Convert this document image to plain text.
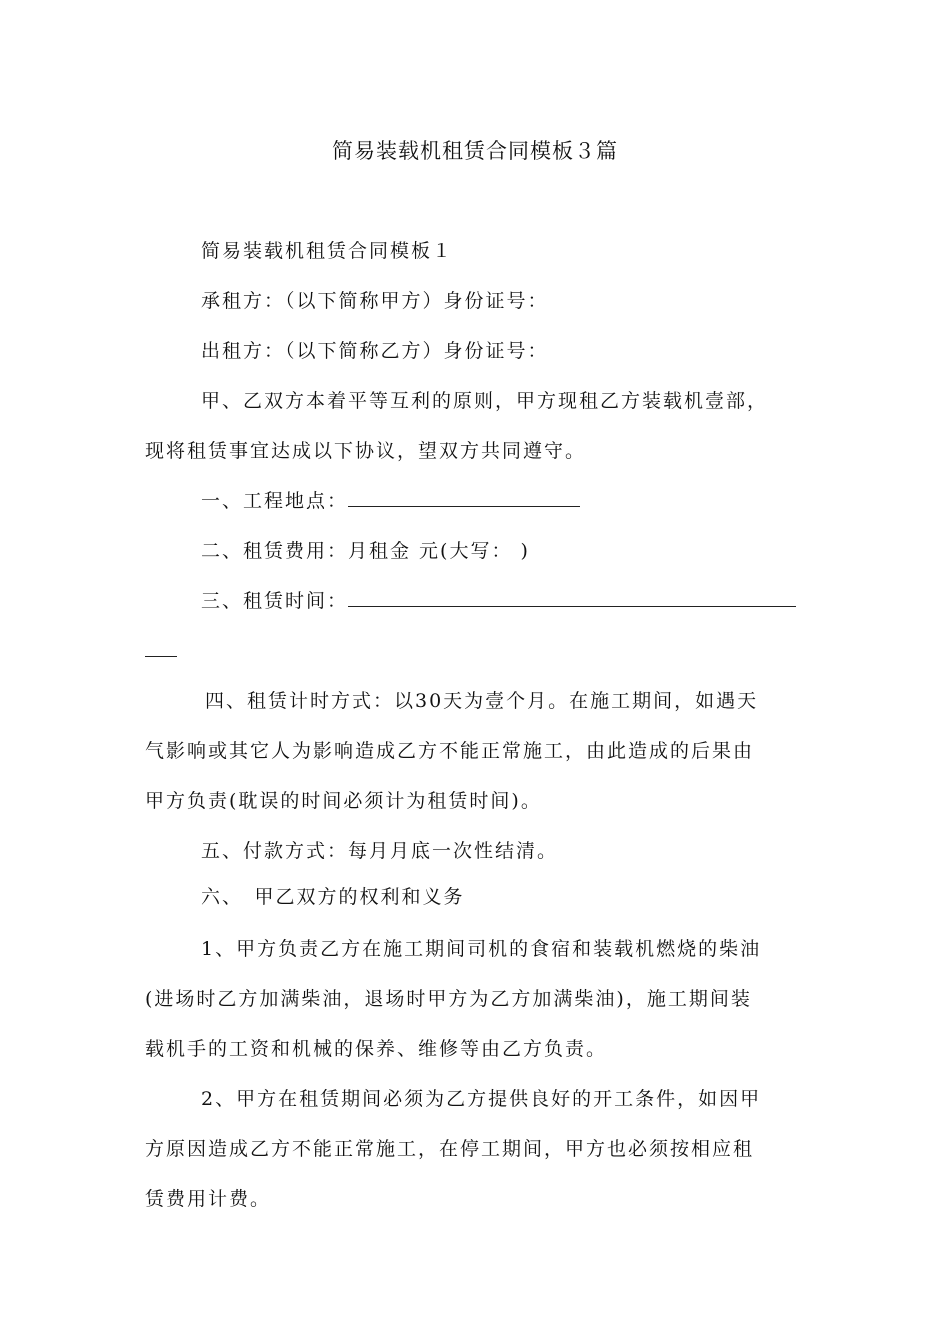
简易装载机租赁合同模板３篇
简易装载机租赁合同模板１
承租方：（以下简称甲方）身份证号：
出租方：（以下简称乙方）身份证号：
甲、乙双方本着平等互利的原则，甲方现租乙方装载机壹部，
现将租赁事宜达成以下协议，望双方共同遵守。
一、工程地点：
二、租赁费用：月租金 元(大写： )
三、租赁时间：
四、租赁计时方式：以30天为壹个月。在施工期间，如遇天
气影响或其它人为影响造成乙方不能正常施工，由此造成的后果由
甲方负责(耽误的时间必须计为租赁时间)。
五、付款方式：每月月底一次性结清。
六、　甲乙双方的权利和义务
1、甲方负责乙方在施工期间司机的食宿和装载机燃烧的柴油
(进场时乙方加满柴油，退场时甲方为乙方加满柴油)，施工期间装
载机手的工资和机械的保养、维修等由乙方负责。
2、甲方在租赁期间必须为乙方提供良好的开工条件，如因甲
方原因造成乙方不能正常施工，在停工期间，甲方也必须按相应租
赁费用计费。
